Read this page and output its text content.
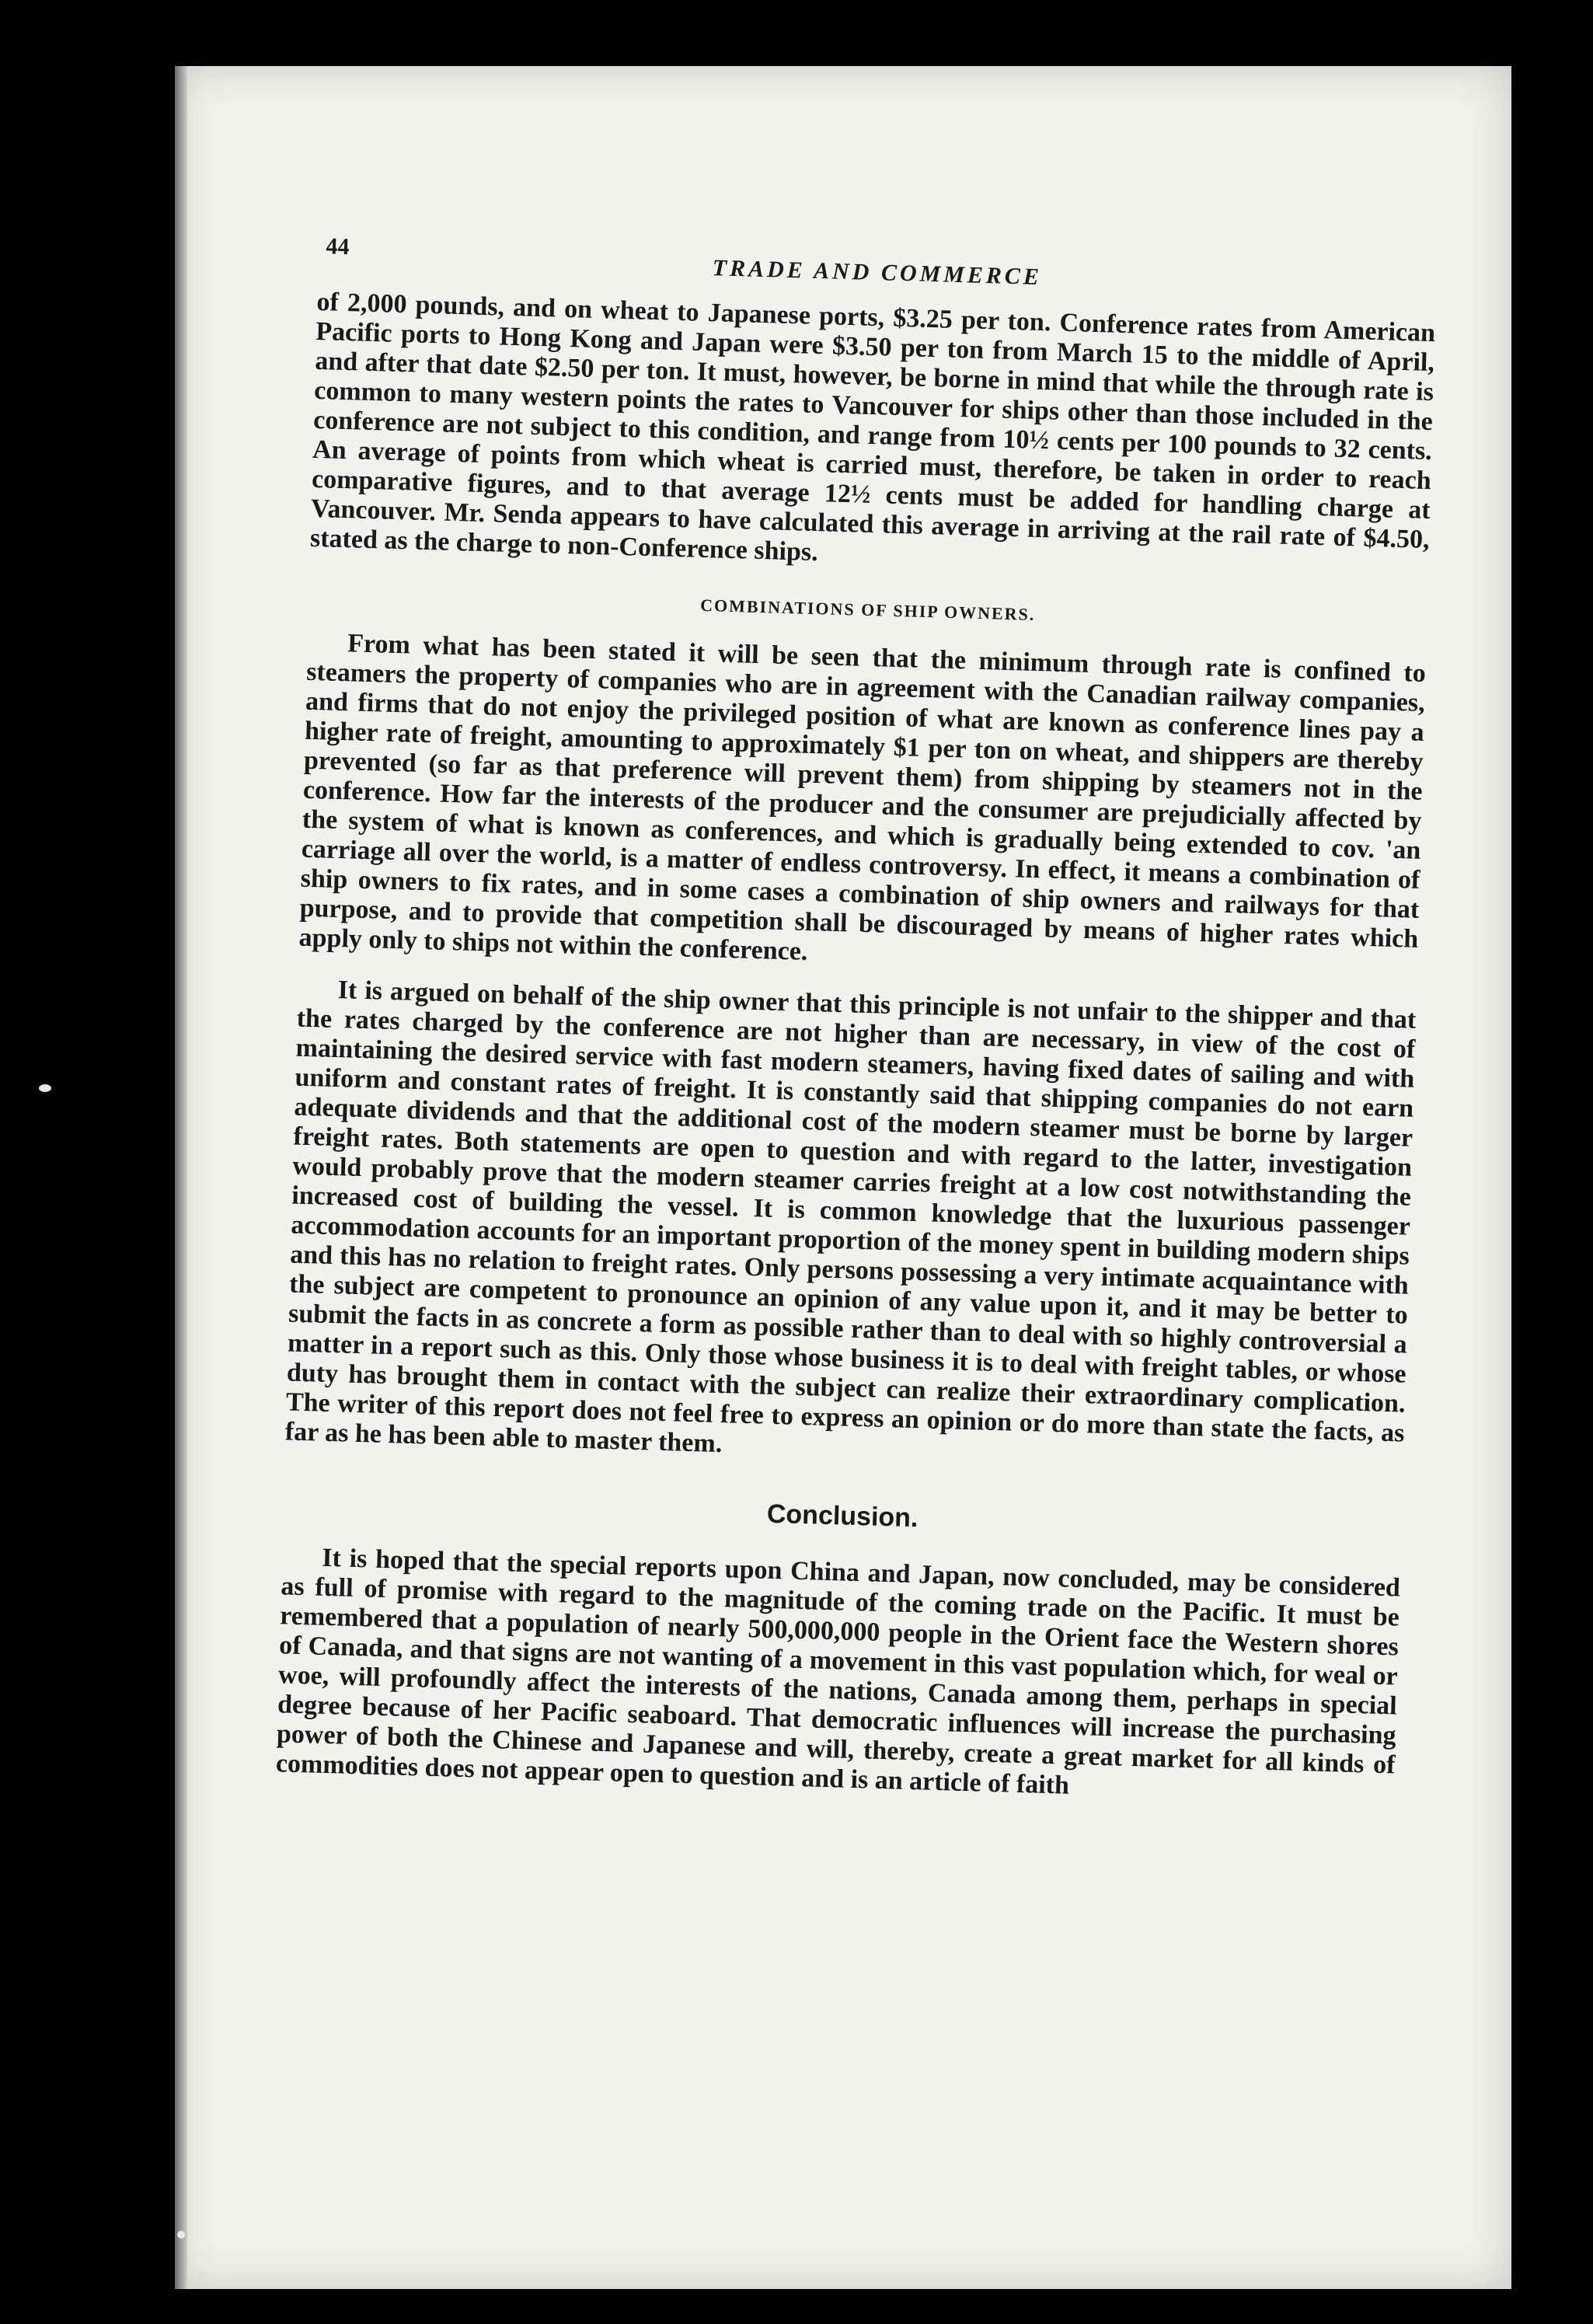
44
TRADE AND COMMERCE

of 2,000 pounds, and on wheat to Japanese ports, $3.25 per ton. Conference rates from American Pacific ports to Hong Kong and Japan were $3.50 per ton from March 15 to the middle of April, and after that date $2.50 per ton. It must, however, be borne in mind that while the through rate is common to many western points the rates to Vancouver for ships other than those included in the conference are not subject to this condition, and range from 10½ cents per 100 pounds to 32 cents. An average of points from which wheat is carried must, therefore, be taken in order to reach comparative figures, and to that average 12½ cents must be added for handling charge at Vancouver. Mr. Senda appears to have calculated this average in arriving at the rail rate of $4.50, stated as the charge to non-Conference ships.

COMBINATIONS OF SHIP OWNERS.

From what has been stated it will be seen that the minimum through rate is confined to steamers the property of companies who are in agreement with the Canadian railway companies, and firms that do not enjoy the privileged position of what are known as conference lines pay a higher rate of freight, amounting to approximately $1 per ton on wheat, and shippers are thereby prevented (so far as that preference will prevent them) from shipping by steamers not in the conference. How far the interests of the producer and the consumer are prejudicially affected by the system of what is known as conferences, and which is gradually being extended to cov. 'an carriage all over the world, is a matter of endless controversy. In effect, it means a combination of ship owners to fix rates, and in some cases a combination of ship owners and railways for that purpose, and to provide that competition shall be discouraged by means of higher rates which apply only to ships not within the conference.

It is argued on behalf of the ship owner that this principle is not unfair to the shipper and that the rates charged by the conference are not higher than are necessary, in view of the cost of maintaining the desired service with fast modern steamers, having fixed dates of sailing and with uniform and constant rates of freight. It is constantly said that shipping companies do not earn adequate dividends and that the additional cost of the modern steamer must be borne by larger freight rates. Both statements are open to question and with regard to the latter, investigation would probably prove that the modern steamer carries freight at a low cost notwithstanding the increased cost of building the vessel. It is common knowledge that the luxurious passenger accommodation accounts for an important proportion of the money spent in building modern ships and this has no relation to freight rates. Only persons possessing a very intimate acquaintance with the subject are competent to pronounce an opinion of any value upon it, and it may be better to submit the facts in as concrete a form as possible rather than to deal with so highly controversial a matter in a report such as this. Only those whose business it is to deal with freight tables, or whose duty has brought them in contact with the subject can realize their extraordinary complication. The writer of this report does not feel free to express an opinion or do more than state the facts, as far as he has been able to master them.

Conclusion.

It is hoped that the special reports upon China and Japan, now concluded, may be considered as full of promise with regard to the magnitude of the coming trade on the Pacific. It must be remembered that a population of nearly 500,000,000 people in the Orient face the Western shores of Canada, and that signs are not wanting of a movement in this vast population which, for weal or woe, will profoundly affect the interests of the nations, Canada among them, perhaps in special degree because of her Pacific seaboard. That democratic influences will increase the purchasing power of both the Chinese and Japanese and will, thereby, create a great market for all kinds of commodities does not appear open to question and is an article of faith
